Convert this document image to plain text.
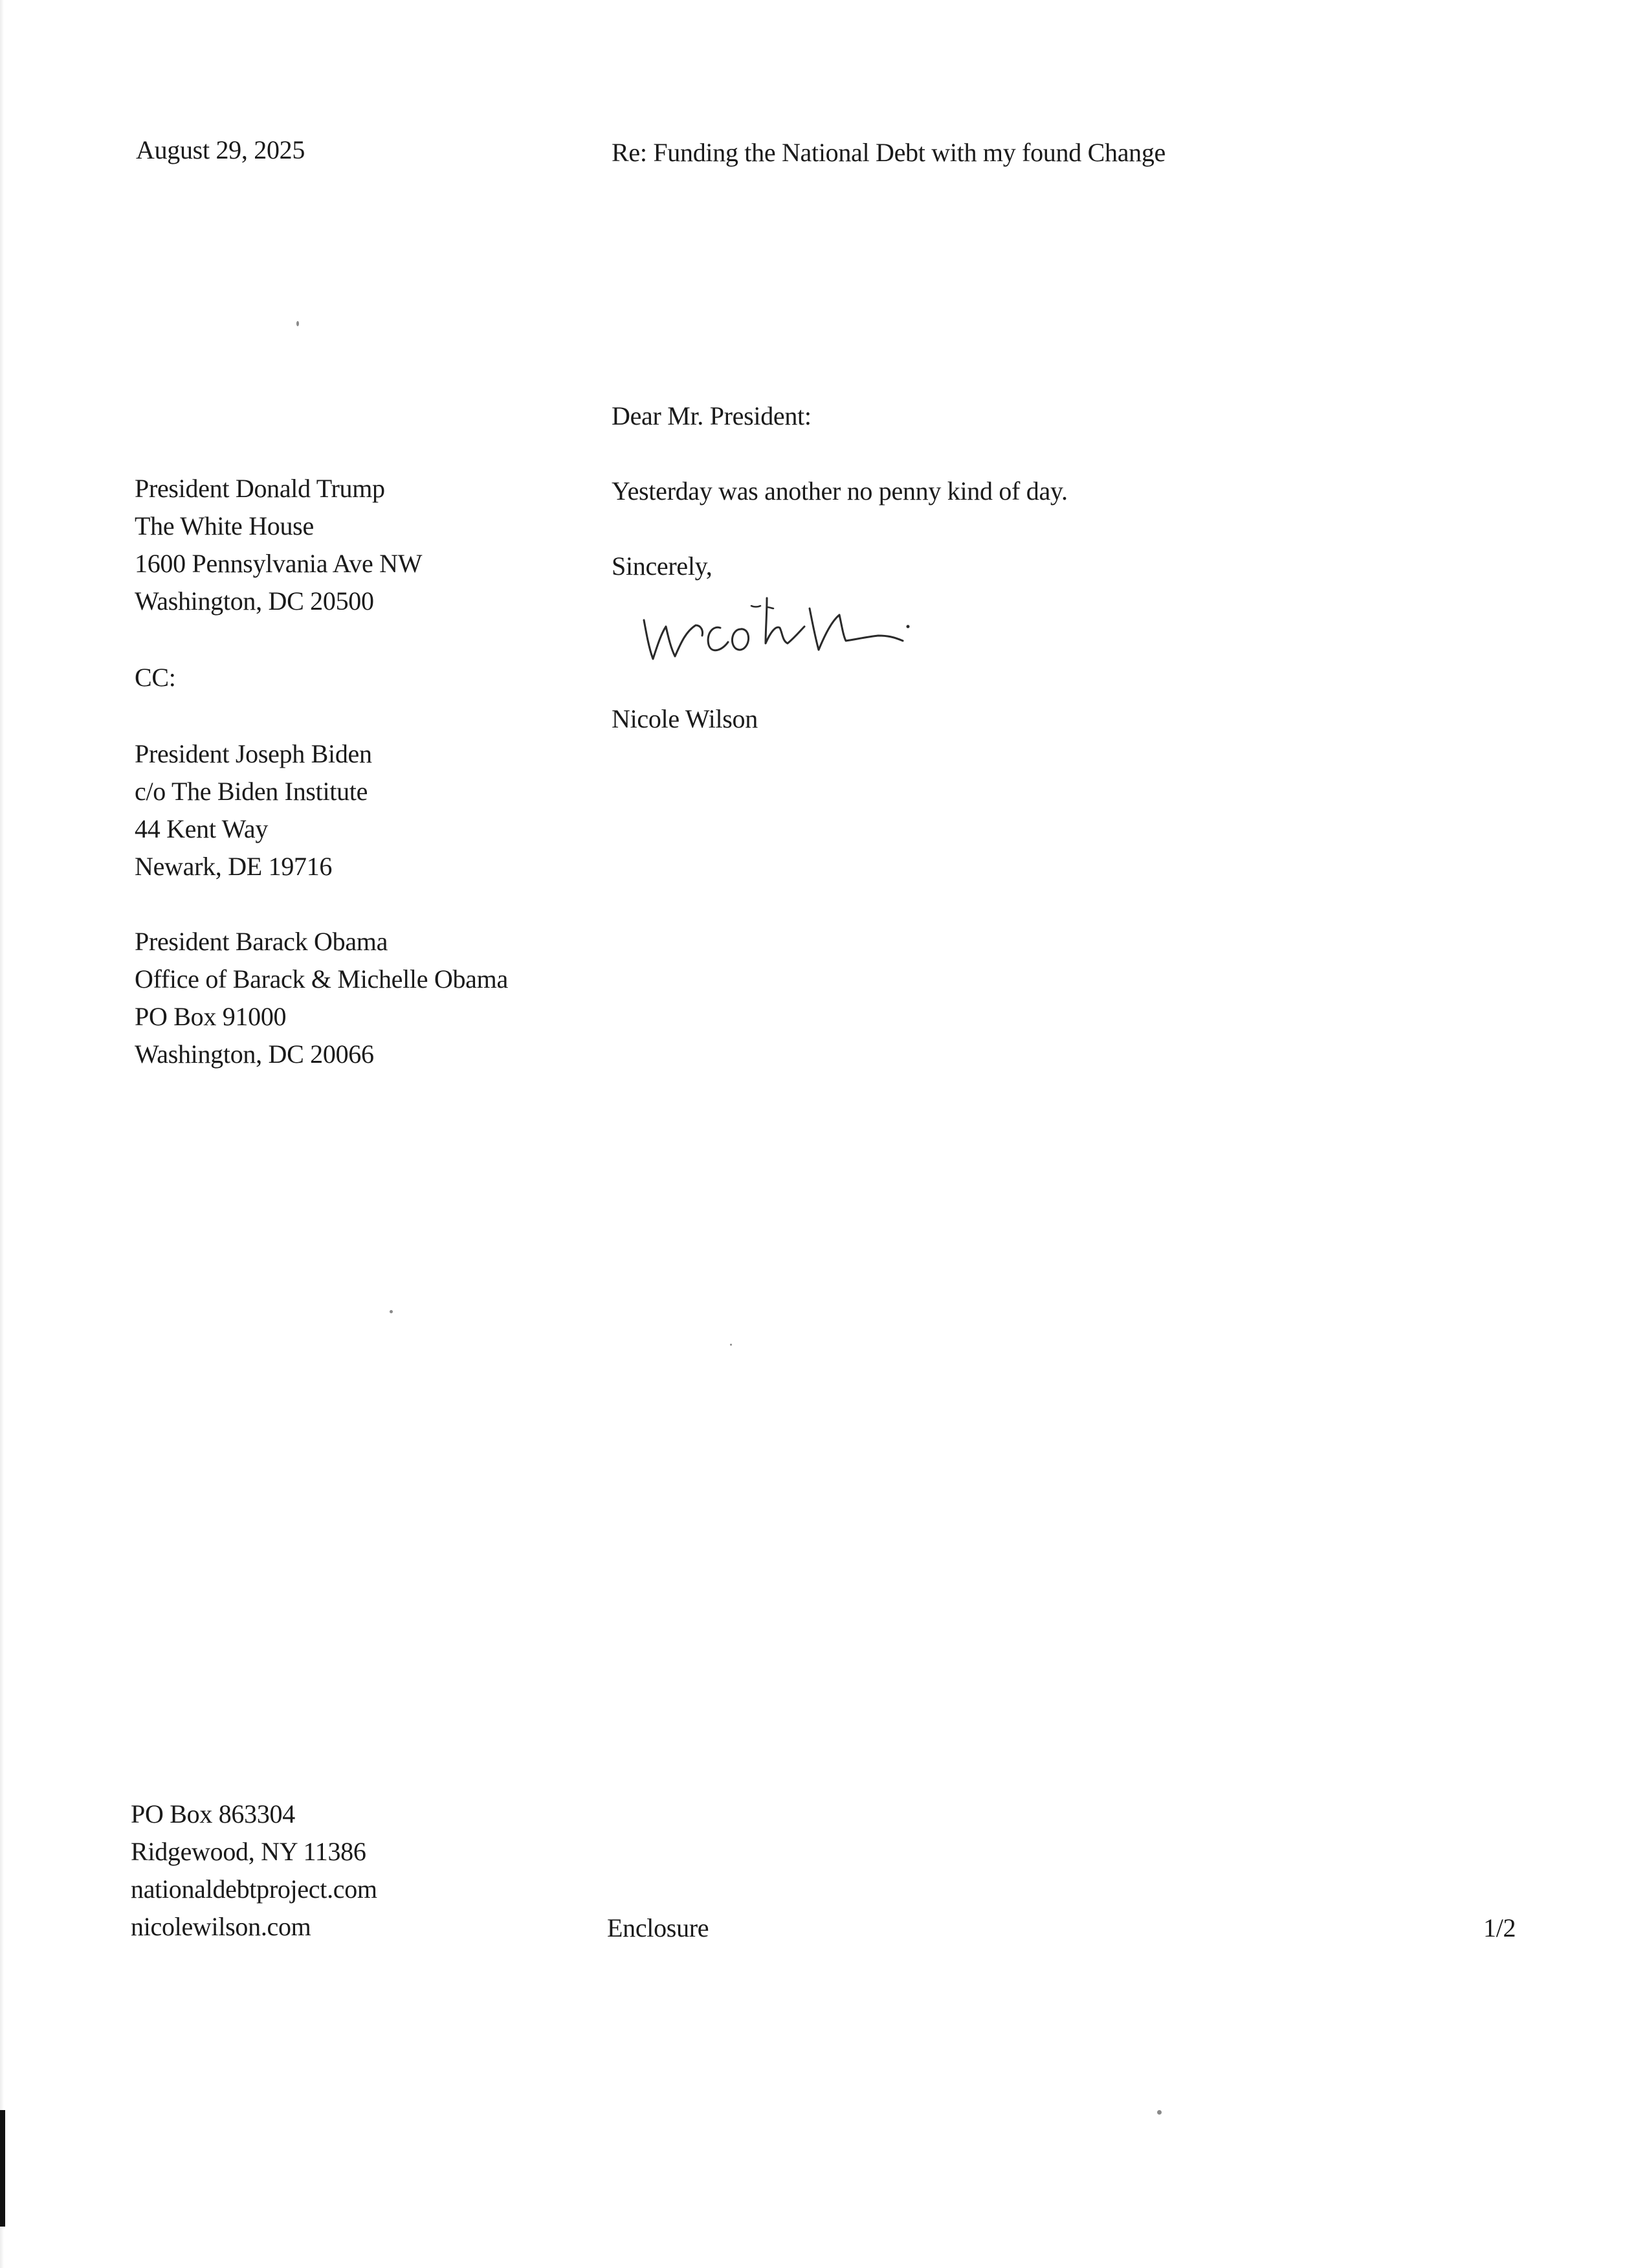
August 29, 2025	Re: Funding the National Debt with my found Change
Dear Mr. President:
Yesterday was another no penny kind of day.
Sincerely,
Nicole Wilson
President Donald Trump
The White House
1600 Pennsylvania Ave NW
Washington, DC 20500
CC:
President Joseph Biden
c/o The Biden Institute
44 Kent Way
Newark, DE 19716
President Barack Obama
Office of Barack & Michelle Obama
PO Box 91000
Washington, DC 20066
PO Box 863304
Ridgewood, NY 11386
nationaldebtproject.com
nicolewilson.com	Enclosure	1/2
